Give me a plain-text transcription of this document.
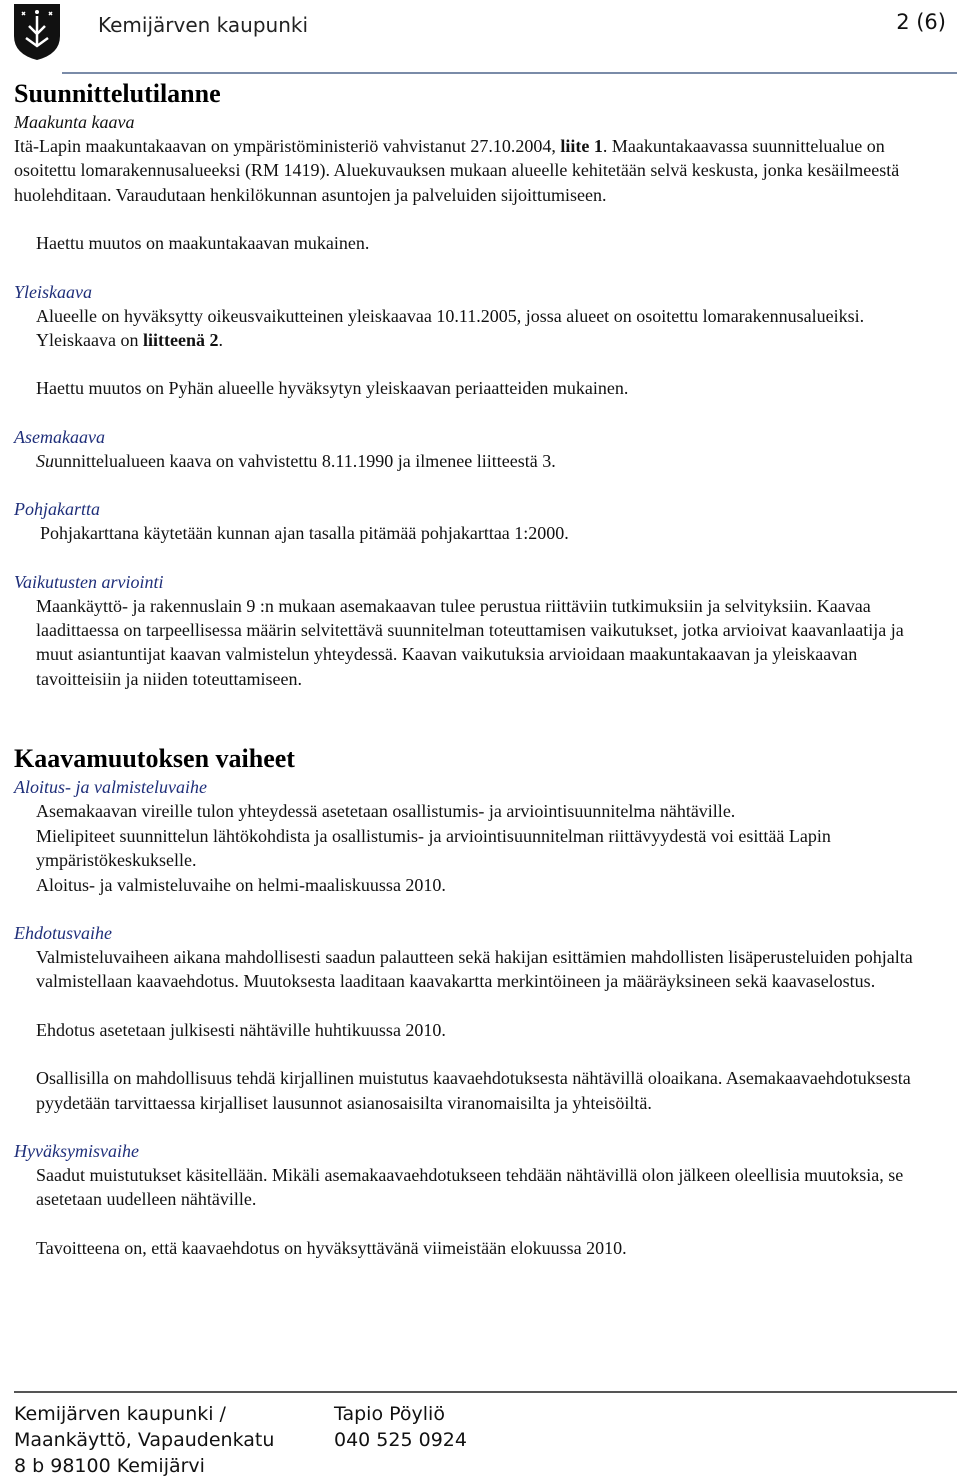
Kemijärven kaupunki	2 (6)
Suunnittelutilanne
Maakunta kaava

Itä-Lapin maakuntakaavan on ympäristöministeriö vahvistanut 27.10.2004, liite 1. Maakuntakaavassa suunnittelualue on osoitettu lomarakennusalueeksi (RM 1419). Aluekuvauksen mukaan alueelle kehitetään selvä keskusta, jonka kesäilmeestä huolehditaan. Varaudutaan henkilökunnan asuntojen ja palveluiden sijoittumiseen.

Haettu muutos on maakuntakaavan mukainen.

Yleiskaava

Alueelle on hyväksytty oikeusvaikutteinen yleiskaavaa 10.11.2005, jossa alueet on osoitettu lomarakennusalueiksi. Yleiskaava on liitteenä 2.

Haettu muutos on Pyhän alueelle hyväksytyn yleiskaavan periaatteiden mukainen.

Asemakaava

Suunnittelualueen kaava on vahvistettu 8.11.1990 ja ilmenee liitteestä 3.

Pohjakartta

Pohjakarttana käytetään kunnan ajan tasalla pitämää pohjakarttaa 1:2000.

Vaikutusten arviointi

Maankäyttö- ja rakennuslain 9 :n mukaan asemakaavan tulee perustua riittäviin tutkimuksiin ja selvityksiin. Kaavaa laadittaessa on tarpeellisessa määrin selvitettävä suunnitelman toteuttamisen vaikutukset, jotka arvioivat kaavanlaatija ja muut asiantuntijat kaavan valmistelun yhteydessä. Kaavan vaikutuksia arvioidaan maakuntakaavan ja yleiskaavan tavoitteisiin ja niiden toteuttamiseen.

Kaavamuutoksen vaiheet
Aloitus- ja valmisteluvaihe

Asemakaavan vireille tulon yhteydessä asetetaan osallistumis- ja arviointisuunnitelma nähtäville.

Mielipiteet suunnittelun lähtökohdista ja osallistumis- ja arviointisuunnitelman riittävyydestä voi esittää Lapin ympäristökeskukselle.

Aloitus- ja valmisteluvaihe on helmi-maaliskuussa 2010.

Ehdotusvaihe

Valmisteluvaiheen aikana mahdollisesti saadun palautteen sekä hakijan esittämien mahdollisten lisäperusteluiden pohjalta valmistellaan kaavaehdotus. Muutoksesta laaditaan kaavakartta merkintöineen ja määräyksineen sekä kaavaselostus.

Ehdotus asetetaan julkisesti nähtäville huhtikuussa 2010.

Osallisilla on mahdollisuus tehdä kirjallinen muistutus kaavaehdotuksesta nähtävillä oloaikana. Asemakaavaehdotuksesta pyydetään tarvittaessa kirjalliset lausunnot asianosaisilta viranomaisilta ja yhteisöiltä.

Hyväksymisvaihe

Saadut muistutukset käsitellään. Mikäli asemakaavaehdotukseen tehdään nähtävillä olon jälkeen oleellisia muutoksia, se asetetaan uudelleen nähtäville.

Tavoitteena on, että kaavaehdotus on hyväksyttävänä viimeistään elokuussa 2010.

Kemijärven kaupunki /
Maankäyttö, Vapaudenkatu
8 b 98100 Kemijärvi
Tapio Pöyliö
040 525 0924
